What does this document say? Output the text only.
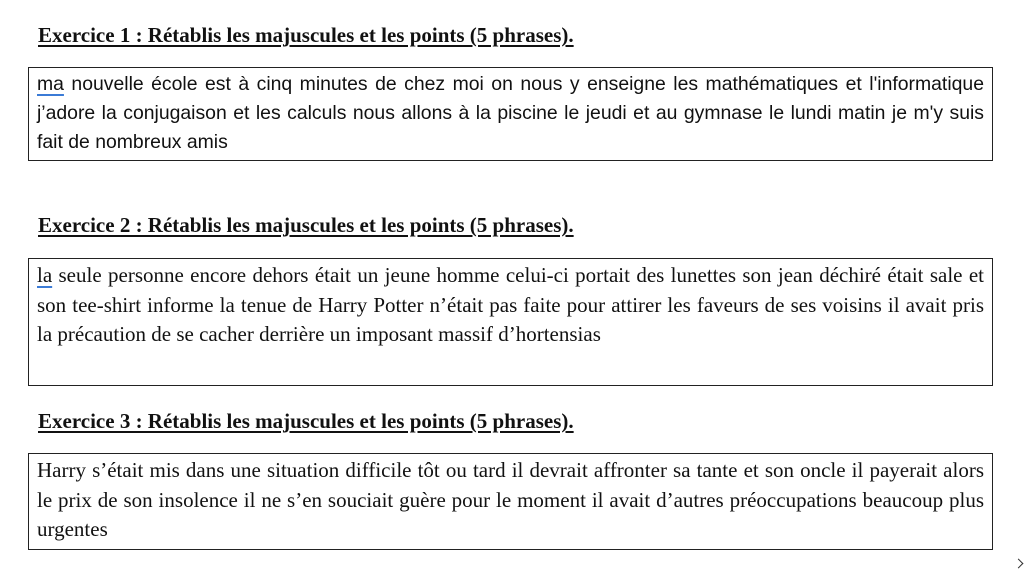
Exercice 1 : Rétablis les majuscules et les points (5 phrases).

ma nouvelle école est à cinq minutes de chez moi on nous y enseigne les mathématiques et l'informatique j’adore la conjugaison et les calculs nous allons à la piscine le jeudi et au gymnase le lundi matin je m'y suis fait de nombreux amis

Exercice 2 : Rétablis les majuscules et les points (5 phrases).

la seule personne encore dehors était un jeune homme celui-ci portait des lunettes son jean déchiré était sale et son tee-shirt informe la tenue de Harry Potter n’était pas faite pour attirer les faveurs de ses voisins il avait pris la précaution de se cacher derrière un imposant massif d’hortensias

Exercice 3 : Rétablis les majuscules et les points (5 phrases).

Harry s’était mis dans une situation difficile tôt ou tard il devrait affronter sa tante et son oncle il payerait alors le prix de son insolence il ne s’en souciait guère pour le moment il avait d’autres préoccupations beaucoup plus urgentes
